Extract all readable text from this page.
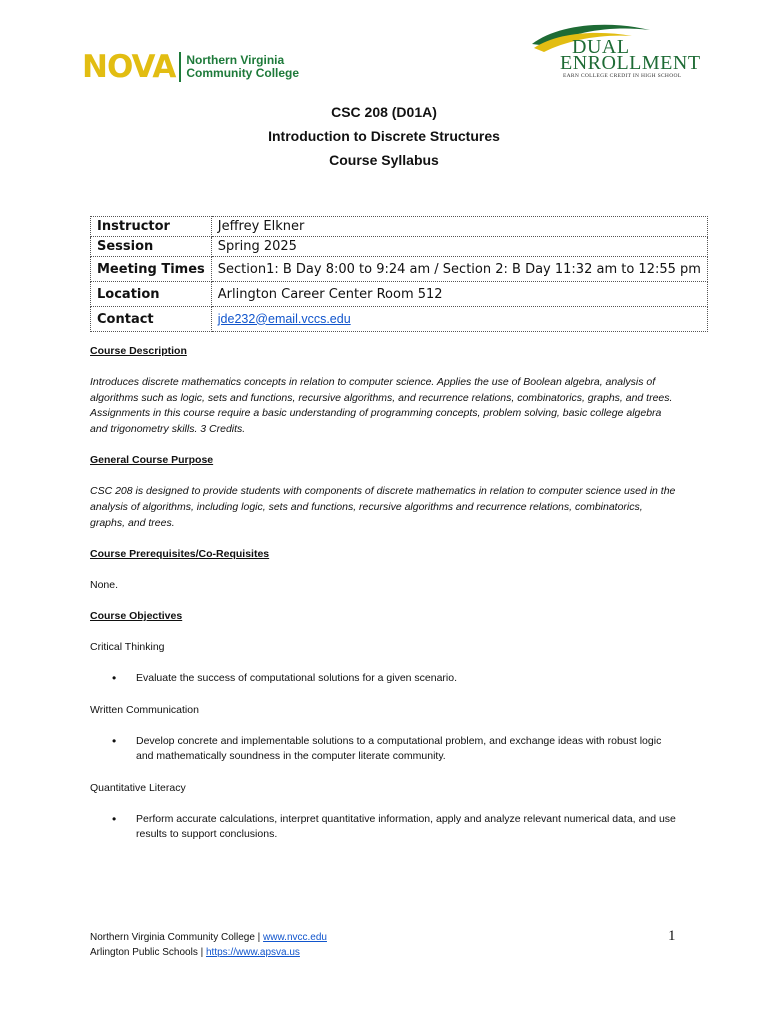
NOVA Northern Virginia
Community College
DUAL
ENROLLMENT
EARN COLLEGE CREDIT IN HIGH SCHOOL
CSC 208 (D01A)
Introduction to Discrete Structures
Course Syllabus
Instructor	Jeffrey Elkner
Session	Spring 2025
Meeting Times	Section1: B Day 8:00 to 9:24 am / Section 2: B Day 11:32 am to 12:55 pm
Location	Arlington Career Center Room 512
Contact	jde232@email.vccs.edu

Course Description

Introduces discrete mathematics concepts in relation to computer science. Applies the use of Boolean algebra, analysis of algorithms such as logic, sets and functions, recursive algorithms, and recurrence relations, combinatorics, graphs, and trees. Assignments in this course require a basic understanding of programming concepts, problem solving, basic college algebra and trigonometry skills. 3 Credits.

General Course Purpose

CSC 208 is designed to provide students with components of discrete mathematics in relation to computer science used in the analysis of algorithms, including logic, sets and functions, recursive algorithms and recurrence relations, combinatorics, graphs, and trees.

Course Prerequisites/Co-Requisites

None.

Course Objectives

Critical Thinking

• Evaluate the success of computational solutions for a given scenario.

Written Communication

• Develop concrete and implementable solutions to a computational problem, and exchange ideas with robust logic and mathematically soundness in the computer literate community.

Quantitative Literacy

• Perform accurate calculations, interpret quantitative information, apply and analyze relevant numerical data, and use results to support conclusions.
Northern Virginia Community College | www.nvcc.edu
Arlington Public Schools | https://www.apsva.us
1
